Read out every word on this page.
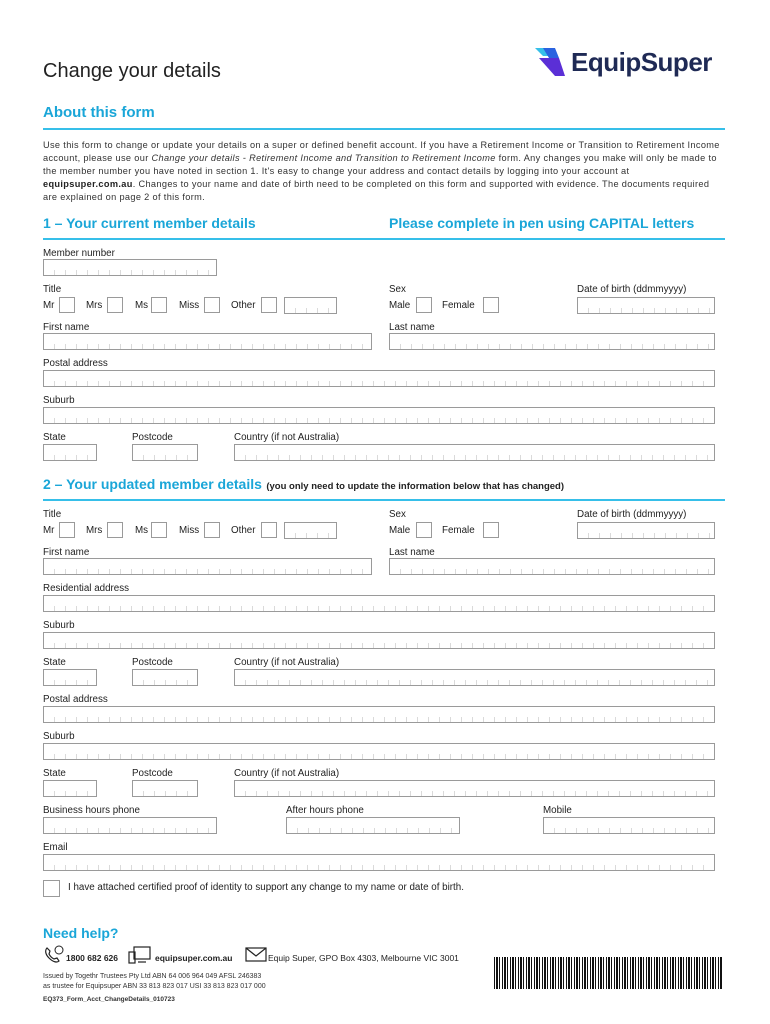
Change your details	EquipSuper
About this form
Use this form to change or update your details on a super or defined benefit account. If you have a Retirement Income or Transition to Retirement Income account, please use our Change your details - Retirement Income and Transition to Retirement Income form. Any changes you make will only be made to the member number you have noted in section 1. It's easy to change your address and contact details by logging into your account at equipsuper.com.au. Changes to your name and date of birth need to be completed on this form and supported with evidence. The documents required are explained on page 2 of this form.
1 – Your current member details	Please complete in pen using CAPITAL letters
Member number
Title
Mr	Mrs	Ms	Miss	Other
Sex
Male	Female
Date of birth (ddmmyyyy)
First name	Last name
Postal address
Suburb
State	Postcode	Country (if not Australia)
2 – Your updated member details (you only need to update the information below that has changed)
Title
Mr	Mrs	Ms	Miss	Other
Sex
Male	Female
Date of birth (ddmmyyyy)
First name	Last name
Residential address
Suburb
State	Postcode	Country (if not Australia)
Postal address
Suburb
State	Postcode	Country (if not Australia)
Business hours phone	After hours phone	Mobile
Email
I have attached certified proof of identity to support any change to my name or date of birth.
Need help?
1800 682 626	equipsuper.com.au	Equip Super, GPO Box 4303, Melbourne VIC 3001
Issued by Togethr Trustees Pty Ltd ABN 64 006 964 049 AFSL 246383
as trustee for Equipsuper ABN 33 813 823 017 USI 33 813 823 017 000
EQ373_Form_Acct_ChangeDetails_010723
